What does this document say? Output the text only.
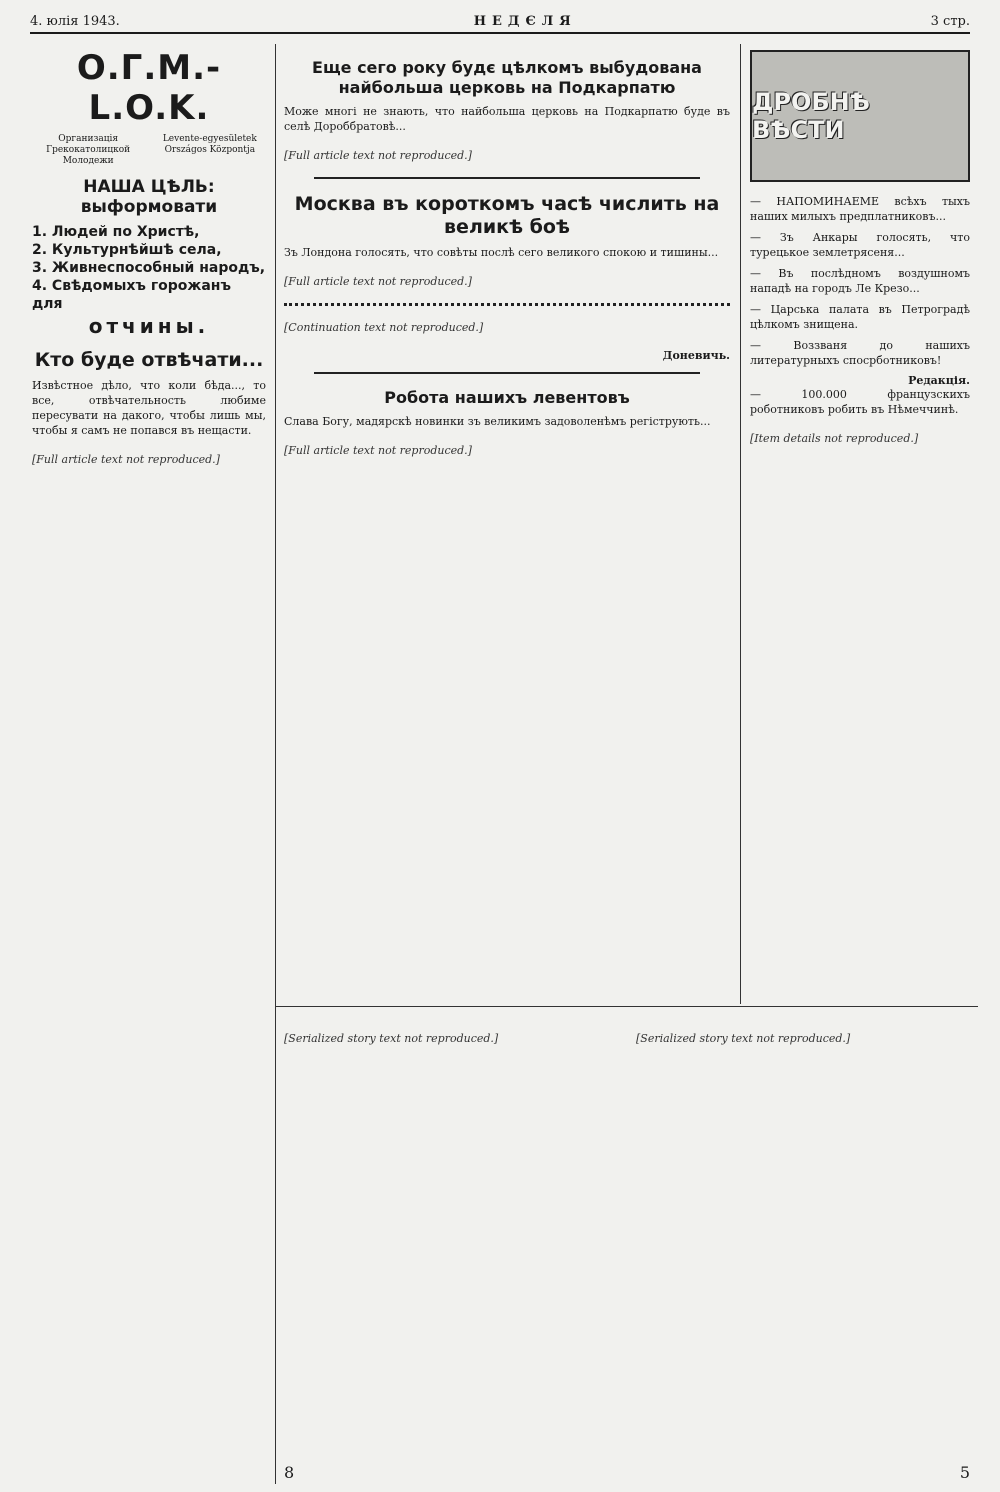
4. юлія 1943.	НЕДЄЛЯ	3 стр.
О.Г.М.-L.O.K.
Организація Грекокатолицкой Молодежи
Levente-egyesületek Országos Központja
НАША ЦѢЛЬ: выформовати
1. Людей по Христѣ,
2. Культурнѣйшѣ села,
3. Живнеспособный народъ,
4. Свѣдомыхъ горожанъ для
отчины.
Кто буде отвѣчати...

Извѣстное дѣло, что коли бѣда..., то все, отвѣчательность любиме пересувати на дакого, чтобы лишь мы, чтобы я самъ не попався въ нещасти.

[Full article text not reproduced.]
Еще сего року будє цѣлкомъ выбудована найбольша церковь на Подкарпатю

Може многі не знають, что найбольша церковь на Подкарпатю буде въ селѣ Дороббратовѣ...

[Full article text not reproduced.]
Москва въ короткомъ часѣ числить на великѣ боѣ

Зъ Лондона голосять, что совѣты послѣ сего великого спокою и тишины...

[Full article text not reproduced.]
[Continuation text not reproduced.]
Доневичь.
Робота нашихъ левентовъ

Слава Богу, мадярскѣ новинки зъ великимъ задоволенѣмъ регіструють...

[Full article text not reproduced.]
ДРОБНѢ ВѢСТИ

— НАПОМИНАЕМЕ всѣхъ тыхъ наших милыхъ предплатниковъ...

— Зъ Анкары голосять, что турецькое землетрясеня...

— Въ послѣдномъ воздушномъ нападѣ на городъ Ле Крезо...

— Царська палата въ Петроградѣ цѣлкомъ знищена.

— Воззваня до нашихъ литературныхъ спосрботниковъ!

Редакція.

— 100.000 французскихъ роботниковъ робить въ Нѣмеччинѣ.

[Item details not reproduced.]
[Serialized story text not reproduced.]
8
[Serialized story text not reproduced.]
5
